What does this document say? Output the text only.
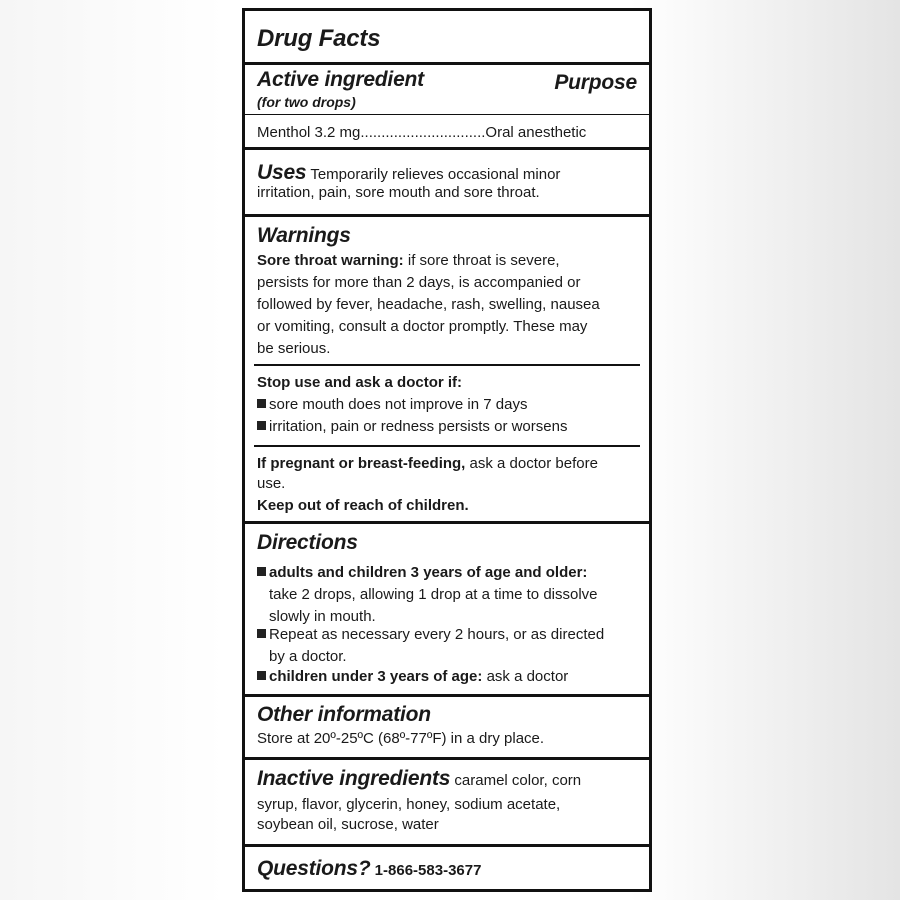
Drug Facts
Active ingredient	Purpose
(for two drops)
Menthol 3.2 mg..............................Oral anesthetic
Uses Temporarily relieves occasional minor
irritation, pain, sore mouth and sore throat.
Warnings
Sore throat warning: if sore throat is severe,
persists for more than 2 days, is accompanied or
followed by fever, headache, rash, swelling, nausea
or vomiting, consult a doctor promptly. These may
be serious.
Stop use and ask a doctor if:
sore mouth does not improve in 7 days
irritation, pain or redness persists or worsens
If pregnant or breast-feeding, ask a doctor before
use.
Keep out of reach of children.
Directions
adults and children 3 years of age and older:
take 2 drops, allowing 1 drop at a time to dissolve
slowly in mouth.
Repeat as necessary every 2 hours, or as directed
by a doctor.
children under 3 years of age: ask a doctor
Other information
Store at 20º-25ºC (68º-77ºF) in a dry place.
Inactive ingredients caramel color, corn
syrup, flavor, glycerin, honey, sodium acetate,
soybean oil, sucrose, water
Questions? 1-866-583-3677
